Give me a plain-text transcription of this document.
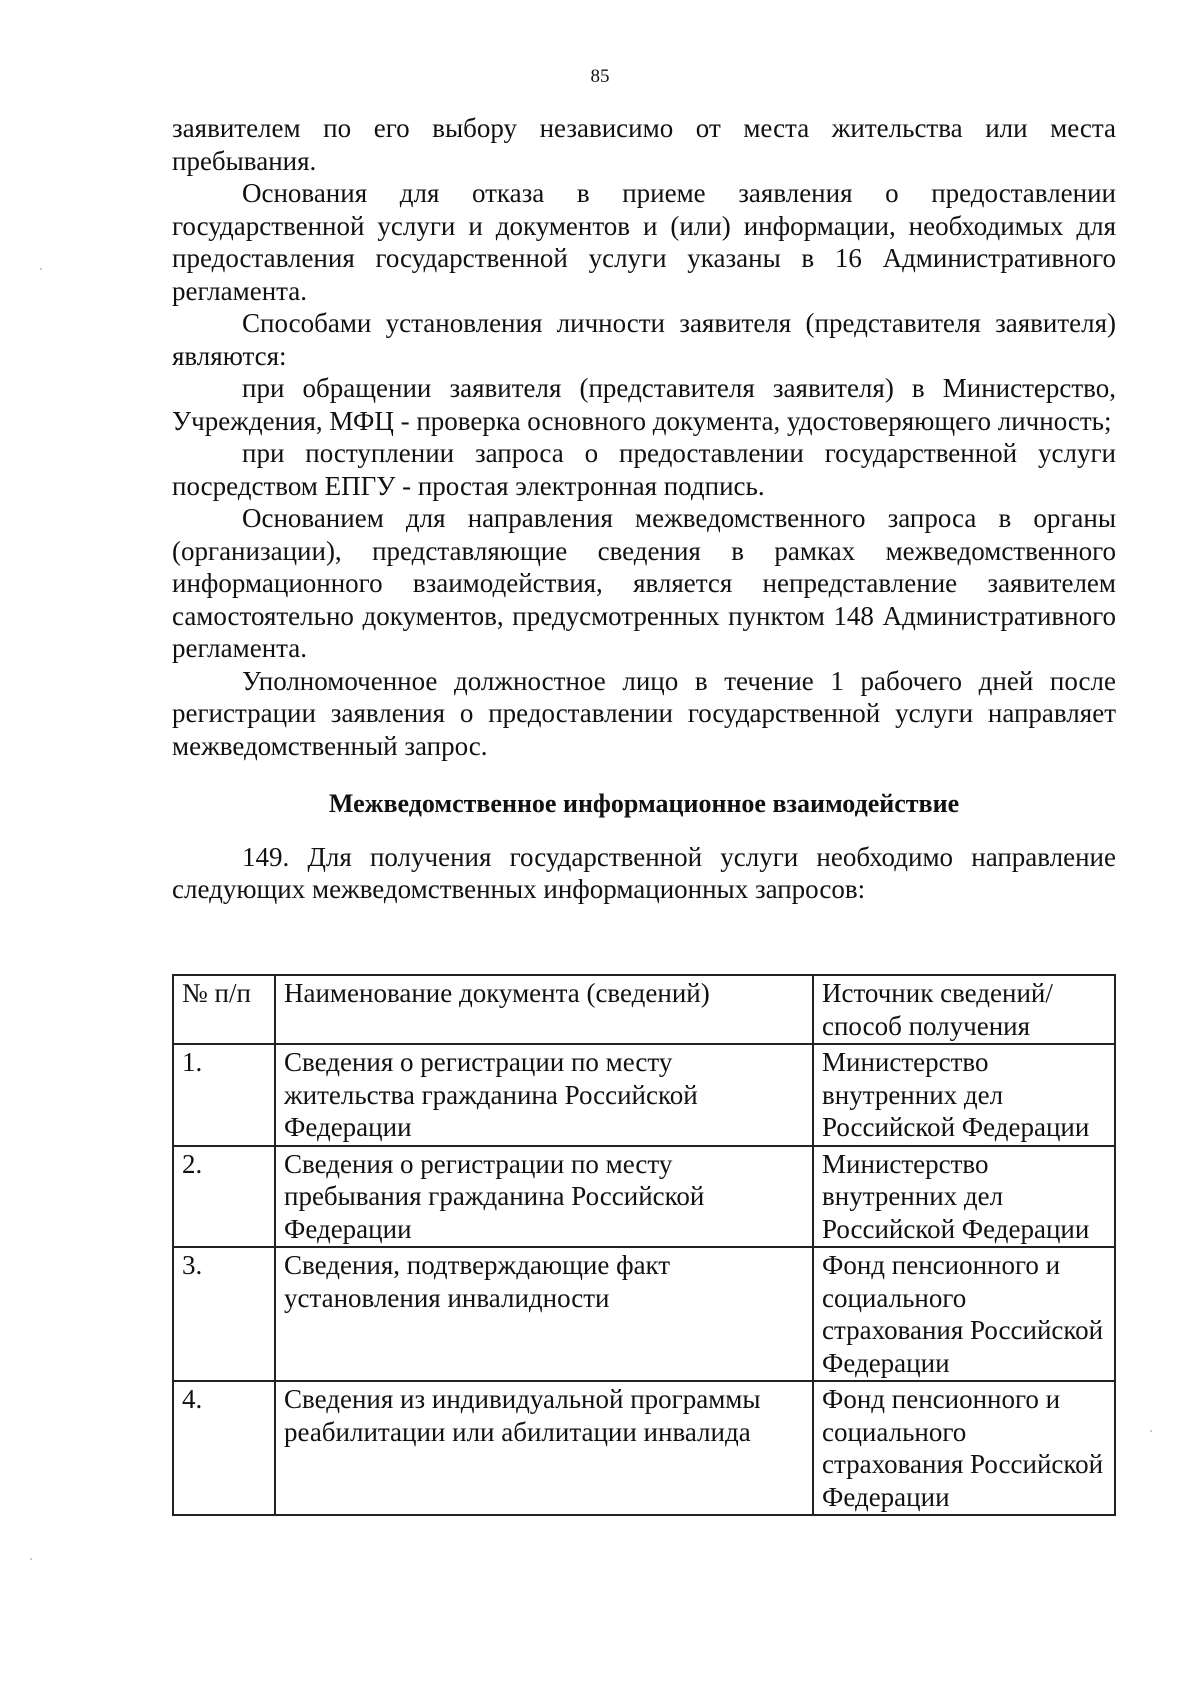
85

заявителем по его выбору независимо от места жительства или места пребывания.

Основания для отказа в приеме заявления о предоставлении государственной услуги и документов и (или) информации, необходимых для предоставления государственной услуги указаны в 16 Административного регламента.

Способами установления личности заявителя (представителя заявителя) являются:

при обращении заявителя (представителя заявителя) в Министерство, Учреждения, МФЦ - проверка основного документа, удостоверяющего личность;

при поступлении запроса о предоставлении государственной услуги посредством ЕПГУ - простая электронная подпись.

Основанием для направления межведомственного запроса в органы (организации), представляющие сведения в рамках межведомственного информационного взаимодействия, является непредставление заявителем самостоятельно документов, предусмотренных пунктом 148 Административного регламента.

Уполномоченное должностное лицо в течение 1 рабочего дней после регистрации заявления о предоставлении государственной услуги направляет межведомственный запрос.

Межведомственное информационное взаимодействие

149. Для получения государственной услуги необходимо направление следующих межведомственных информационных запросов:

№ п/п	Наименование документа (сведений)	Источник сведений/способ получения
1.	Сведения о регистрации по месту жительства гражданина Российской Федерации	Министерство внутренних дел Российской Федерации
2.	Сведения о регистрации по месту пребывания гражданина Российской Федерации	Министерство внутренних дел Российской Федерации
3.	Сведения, подтверждающие факт установления инвалидности	Фонд пенсионного и социального страхования Российской Федерации
4.	Сведения из индивидуальной программы реабилитации или абилитации инвалида	Фонд пенсионного и социального страхования Российской Федерации
